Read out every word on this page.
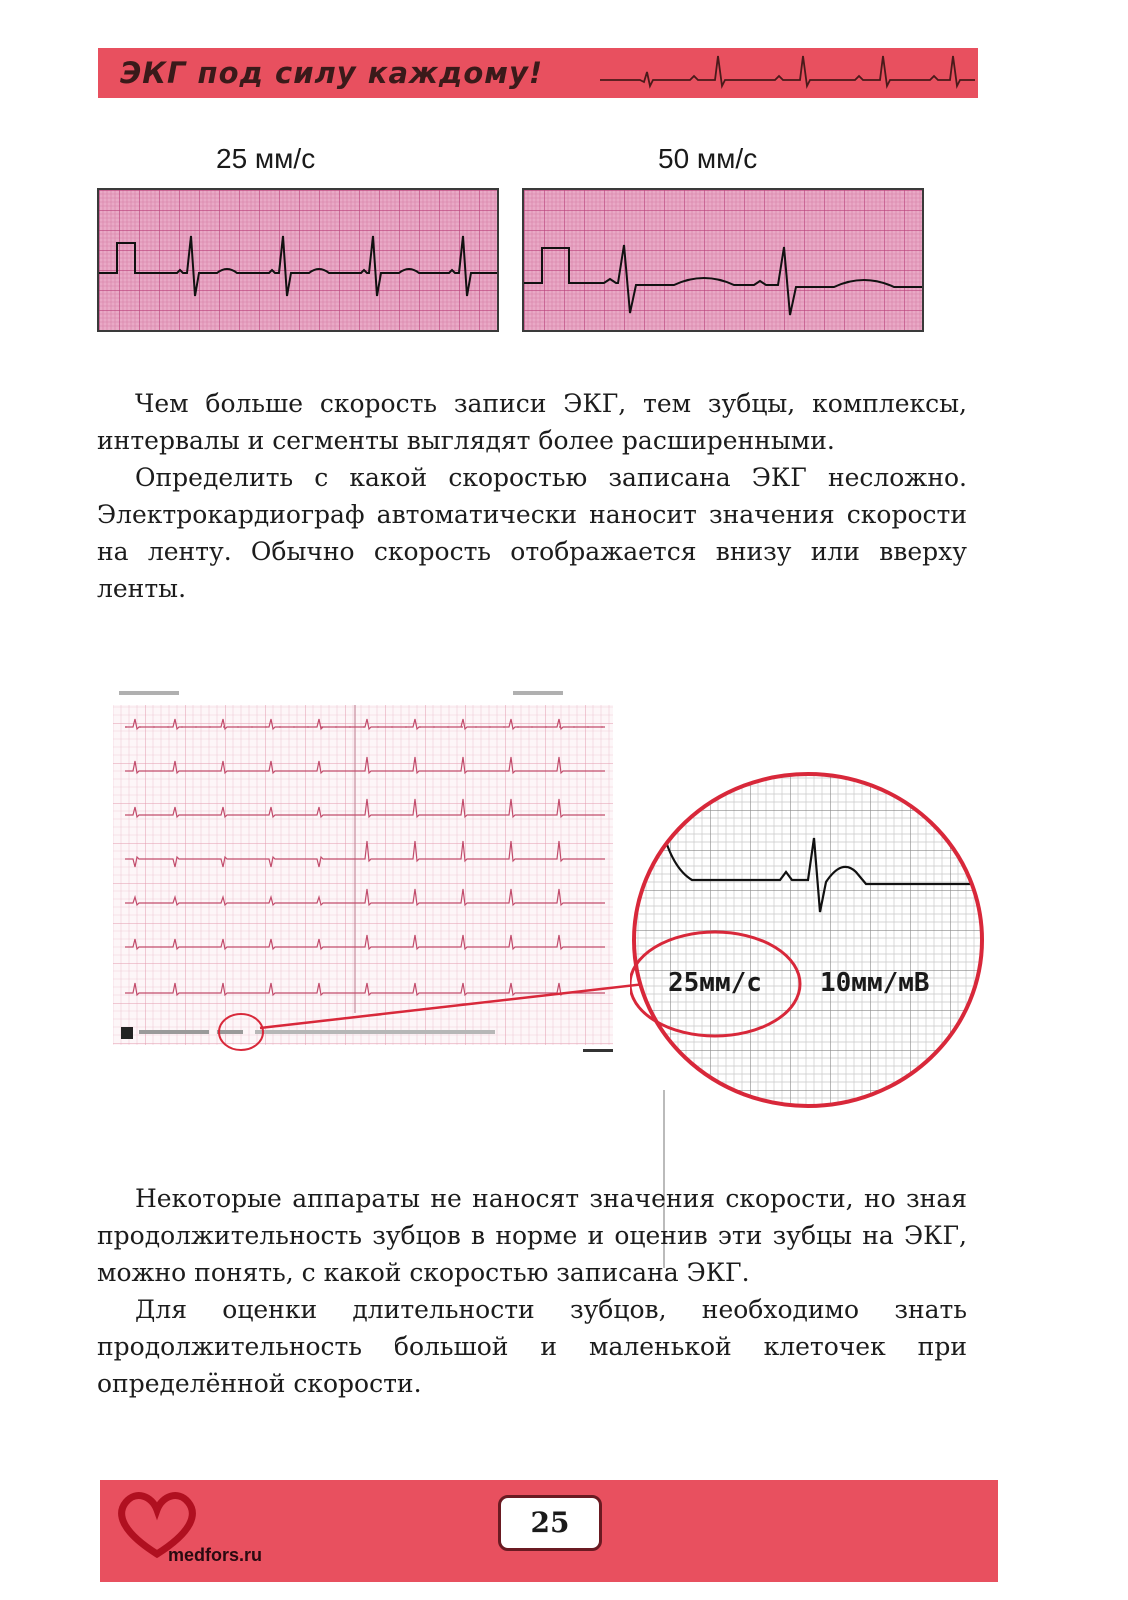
ЭКГ под силу каждому!
25 мм/с	50 мм/с

Чем больше скорость записи ЭКГ, тем зубцы, комплексы, интервалы и сегменты выглядят более расширенными.

Определить с какой скоростью записана ЭКГ несложно. Электрокардиограф автоматически наносит значения скорости на ленту. Обычно скорость отображается внизу или вверху ленты.

25мм/с 10мм/мВ

Некоторые аппараты не наносят значения скорости, но зная продолжительность зубцов в норме и оценив эти зубцы на ЭКГ, можно понять, с какой скоростью записана ЭКГ.

Для оценки длительности зубцов, необходимо знать продолжительность большой и маленькой клеточек при определённой скорости.

medfors.ru
25
